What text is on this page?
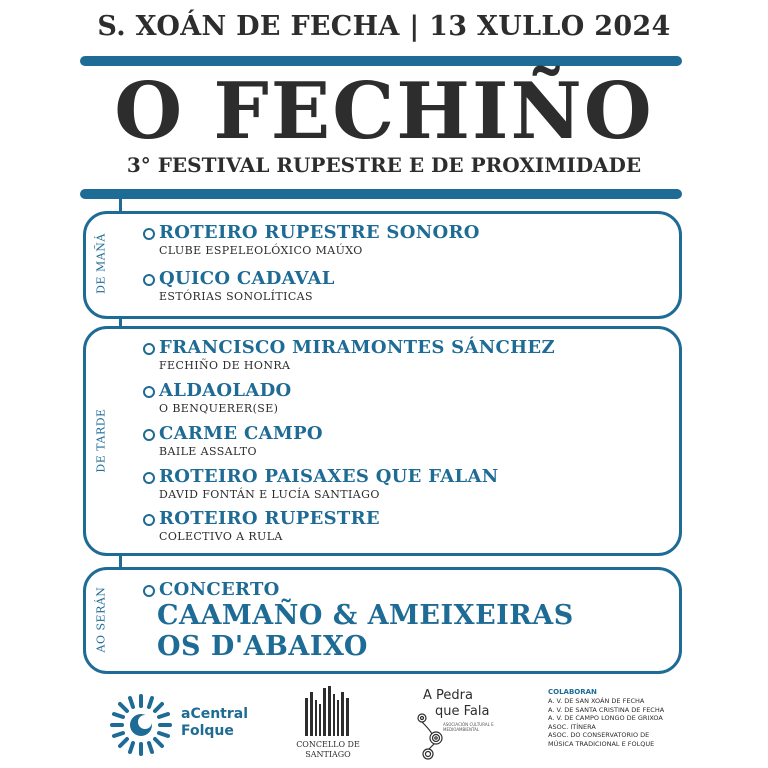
S. XOÁN DE FECHA | 13 XULLO 2024
O FECHIÑO
3° FESTIVAL RUPESTRE E DE PROXIMIDADE
DE MAÑÁ
ROTEIRO RUPESTRE SONORO
CLUBE ESPELEOLÓXICO MAÚXO
QUICO CADAVAL
ESTÓRIAS SONOLÍTICAS
DE TARDE
FRANCISCO MIRAMONTES SÁNCHEZ
FECHIÑO DE HONRA
ALDAOLADO
O BENQUERER(SE)
CARME CAMPO
BAILE ASSALTO
ROTEIRO PAISAXES QUE FALAN
DAVID FONTÁN E LUCÍA SANTIAGO
ROTEIRO RUPESTRE
COLECTIVO A RULA
AO SERÁN	CONCERTO
CAAMAÑO & AMEIXEIRAS
OS D'ABAIXO
aCentral
Folque
CONCELLO DE
SANTIAGO
A Pedra
que Fala
ASOCIACIÓN CULTURAL E MEDIOAMBIENTAL
COLABORAN
A. V. DE SAN XOÁN DE FECHA
A. V. DE SANTA CRISTINA DE FECHA
A. V. DE CAMPO LONGO DE GRIXOA
ASOC. ITÍNERA
ASOC. DO CONSERVATORIO DE
MÚSICA TRADICIONAL E FOLQUE
